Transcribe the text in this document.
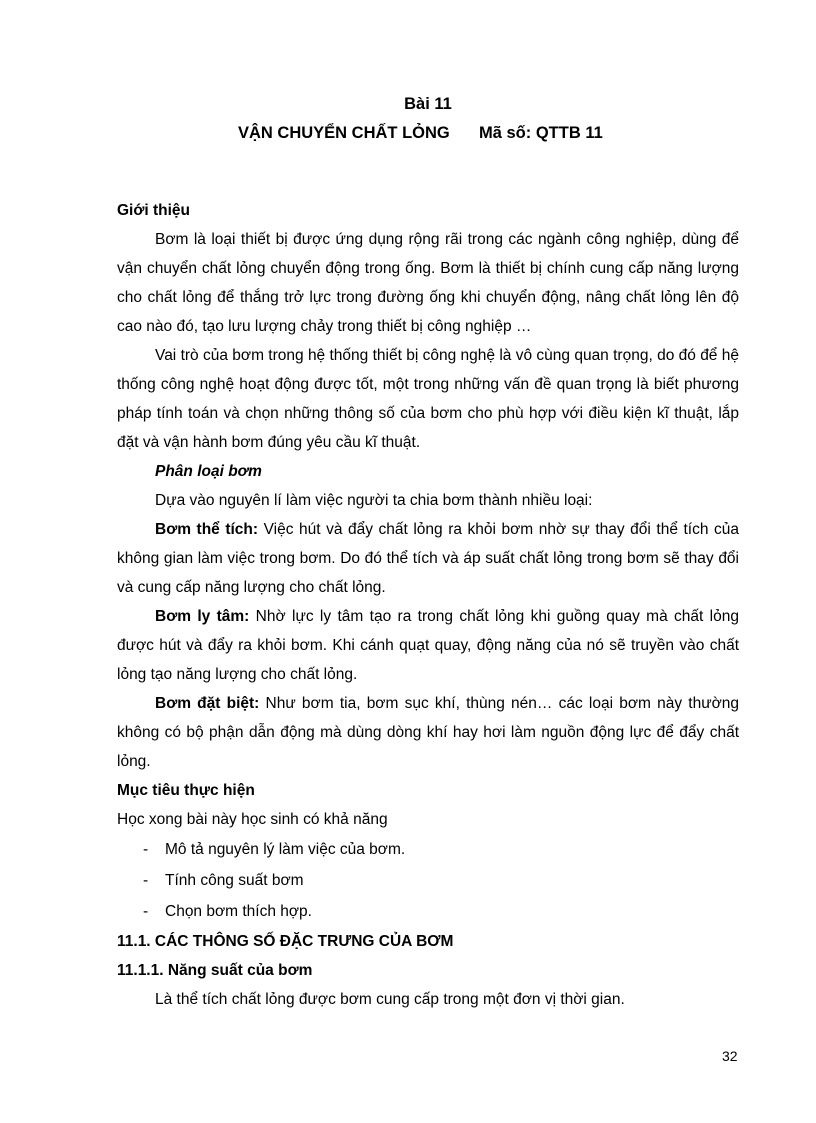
Bài 11
VẬN CHUYỂN CHẤT LỎNG Mã số: QTTB 11
Giới thiệu

Bơm là loại thiết bị được ứng dụng rộng rãi trong các ngành công nghiệp, dùng để vận chuyển chất lỏng chuyển động trong ống. Bơm là thiết bị chính cung cấp năng lượng cho chất lỏng để thắng trở lực trong đường ống khi chuyển động, nâng chất lỏng lên độ cao nào đó, tạo lưu lượng chảy trong thiết bị công nghiệp …

Vai trò của bơm trong hệ thống thiết bị công nghệ là vô cùng quan trọng, do đó để hệ thống công nghệ hoạt động được tốt, một trong những vấn đề quan trọng là biết phương pháp tính toán và chọn những thông số của bơm cho phù hợp với điều kiện kĩ thuật, lắp đặt và vận hành bơm đúng yêu cầu kĩ thuật.

Phân loại bơm

Dựa vào nguyên lí làm việc người ta chia bơm thành nhiều loại:

Bơm thể tích: Việc hút và đẩy chất lỏng ra khỏi bơm nhờ sự thay đổi thể tích của không gian làm việc trong bơm. Do đó thể tích và áp suất chất lỏng trong bơm sẽ thay đổi và cung cấp năng lượng cho chất lỏng.

Bơm ly tâm: Nhờ lực ly tâm tạo ra trong chất lỏng khi guồng quay mà chất lỏng được hút và đẩy ra khỏi bơm. Khi cánh quạt quay, động năng của nó sẽ truyền vào chất lỏng tạo năng lượng cho chất lỏng.

Bơm đặt biệt: Như bơm tia, bơm sục khí, thùng nén… các loại bơm này thường không có bộ phận dẫn động mà dùng dòng khí hay hơi làm nguồn động lực để đẩy chất lỏng.

Mục tiêu thực hiện

Học xong bài này học sinh có khả năng

- Mô tả nguyên lý làm việc của bơm.
- Tính công suất bơm
- Chọn bơm thích hợp.
11.1. CÁC THÔNG SỐ ĐẶC TRƯNG CỦA BƠM
11.1.1. Năng suất của bơm

Là thể tích chất lỏng được bơm cung cấp trong một đơn vị thời gian.

32
